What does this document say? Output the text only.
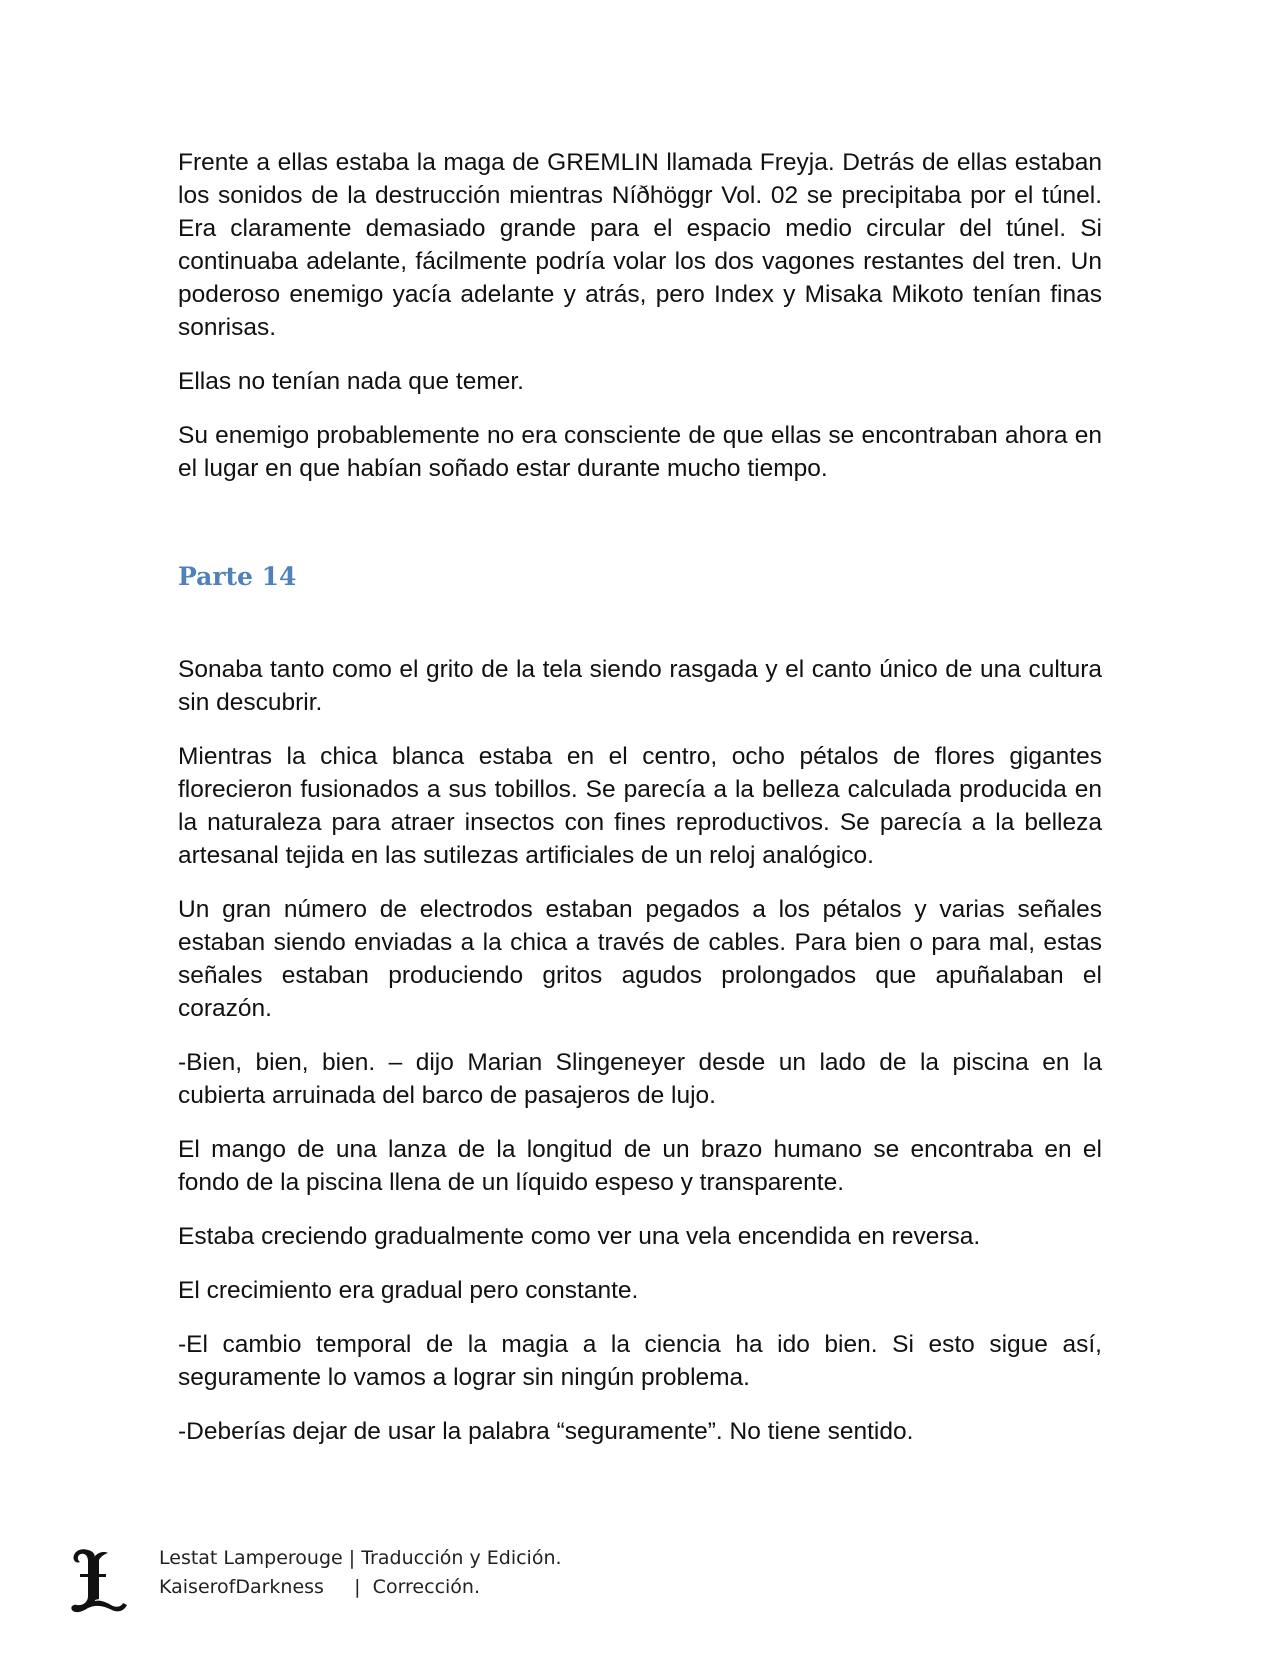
Frente a ellas estaba la maga de GREMLIN llamada Freyja. Detrás de ellas estaban los sonidos de la destrucción mientras Níðhöggr Vol. 02 se precipitaba por el túnel. Era claramente demasiado grande para el espacio medio circular del túnel. Si continuaba adelante, fácilmente podría volar los dos vagones restantes del tren. Un poderoso enemigo yacía adelante y atrás, pero Index y Misaka Mikoto tenían finas sonrisas.

Ellas no tenían nada que temer.

Su enemigo probablemente no era consciente de que ellas se encontraban ahora en el lugar en que habían soñado estar durante mucho tiempo.

Parte 14

Sonaba tanto como el grito de la tela siendo rasgada y el canto único de una cultura sin descubrir.

Mientras la chica blanca estaba en el centro, ocho pétalos de flores gigantes florecieron fusionados a sus tobillos. Se parecía a la belleza calculada producida en la naturaleza para atraer insectos con fines reproductivos. Se parecía a la belleza artesanal tejida en las sutilezas artificiales de un reloj analógico.

Un gran número de electrodos estaban pegados a los pétalos y varias señales estaban siendo enviadas a la chica a través de cables. Para bien o para mal, estas señales estaban produciendo gritos agudos prolongados que apuñalaban el corazón.

-Bien, bien, bien. – dijo Marian Slingeneyer desde un lado de la piscina en la cubierta arruinada del barco de pasajeros de lujo.

El mango de una lanza de la longitud de un brazo humano se encontraba en el fondo de la piscina llena de un líquido espeso y transparente.

Estaba creciendo gradualmente como ver una vela encendida en reversa.

El crecimiento era gradual pero constante.

-El cambio temporal de la magia a la ciencia ha ido bien. Si esto sigue así, seguramente lo vamos a lograr sin ningún problema.

-Deberías dejar de usar la palabra “seguramente”. No tiene sentido.

Lestat Lamperouge | Traducción y Edición.
KaiserofDarkness | Corrección.
